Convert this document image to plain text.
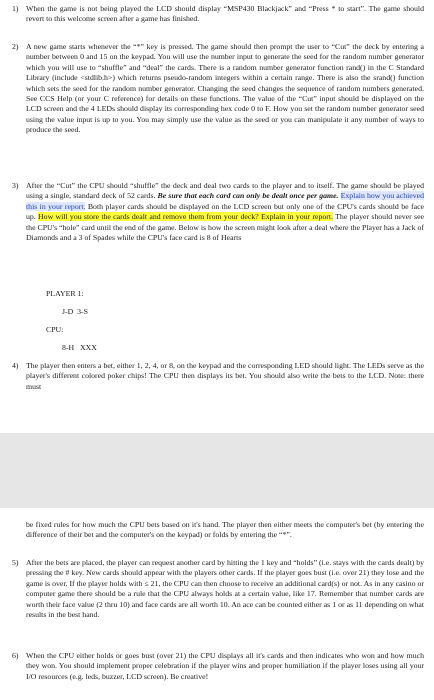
1) When the game is not being played the LCD should display “MSP430 Blackjack” and “Press * to start”. The game should revert to this welcome screen after a game has finished.
2) A new game starts whenever the “*” key is pressed. The game should then prompt the user to “Cut” the deck by entering a number between 0 and 15 on the keypad. You will use the number input to generate the seed for the random number generator which you will use to “shuffle” and “deal” the cards. There is a random number generator function rand() in the C Standard Library (include <stdlib.h>) which returns pseudo-random integers within a certain range. There is also the srand() function which sets the seed for the random number generator. Changing the seed changes the sequence of random numbers generated. See CCS Help (or your C reference) for details on these functions. The value of the “Cut” input should be displayed on the LCD screen and the 4 LEDs should display its corresponding hex code 0 to F. How you set the random number generator seed using the value input is up to you. You may simply use the value as the seed or you can manipulate it any number of ways to produce the seed.
3) After the “Cut” the CPU should “shuffle” the deck and deal two cards to the player and to itself. The game should be played using a single, standard deck of 52 cards. Be sure that each card can only be dealt once per game. Explain how you achieved this in your report. Both player cards should be displayed on the LCD screen but only one of the CPU's cards should be face up. How will you store the cards dealt and remove them from your deck? Explain in your report. The player should never see the CPU's “hole” card until the end of the game. Below is how the screen might look after a deal where the Player has a Jack of Diamonds and a 3 of Spades while the CPU's face card is 8 of Hearts
PLAYER 1:
J-D  3-S
CPU:
8-H   XXX
4) The player then enters a bet, either 1, 2, 4, or 8, on the keypad and the corresponding LED should light. The LEDs serve as the player's different colored poker chips! The CPU then displays its bet. You should also write the bets to the LCD. Note: there must
be fixed rules for how much the CPU bets based on it's hand. The player then either meets the computer's bet (by entering the difference of their bet and the computer's on the keypad) or folds by entering the “*”.
5) After the bets are placed, the player can request another card by hitting the 1 key and “holds” (i.e. stays with the cards dealt) by pressing the # key. New cards should appear with the players other cards. If the player goes bust (i.e. over 21) they lose and the game is over. If the player holds with ≤ 21, the CPU can then choose to receive an additional card(s) or not. As in any casino or computer game there should be a rule that the CPU always holds at a certain value, like 17. Remember that number cards are worth their face value (2 thru 10) and face cards are all worth 10. An ace can be counted either as 1 or as 11 depending on what results in the best hand.
6) When the CPU either holds or goes bust (over 21) the CPU displays all it's cards and then indicates who won and how much they won. You should implement proper celebration if the player wins and proper humiliation if the player loses using all your I/O resources (e.g. leds, buzzer, LCD screen). Be creative!
